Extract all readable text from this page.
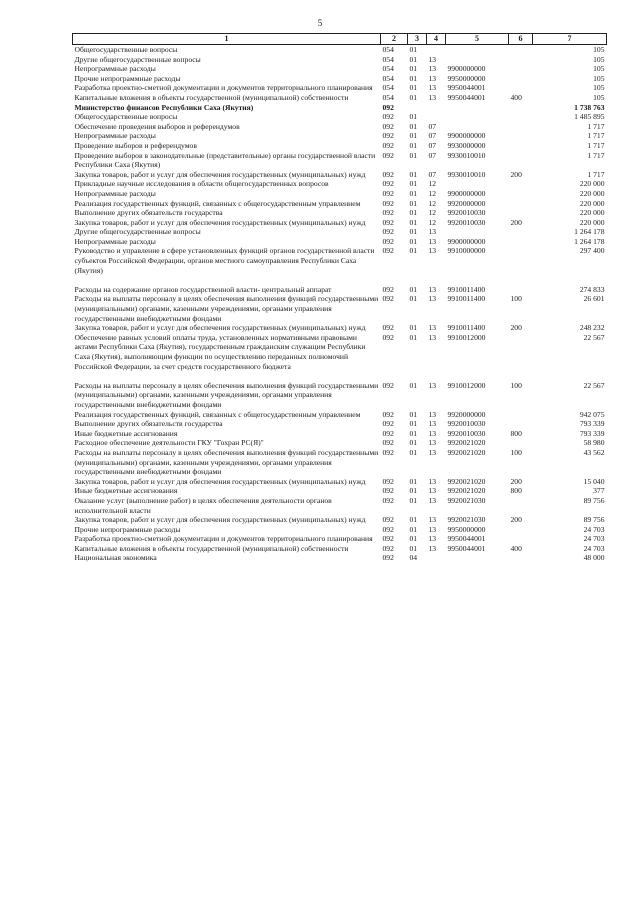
5
1	2	3	4	5	6	7
Общегосударственные вопросы	054	01				105
Другие общегосударственные вопросы	054	01	13			105
Непрограммные расходы	054	01	13	9900000000		105
Прочие непрограммные расходы	054	01	13	9950000000		105
Разработка проектно-сметной документации и документов территориального планирования	054	01	13	9950044001		105
Капитальные вложения в объекты государственной (муниципальной) собственности	054	01	13	9950044001	400	105
Министерство финансов Республики Саха (Якутия)	092					1 738 763
Общегосударственные вопросы	092	01				1 485 895
Обеспечение проведения выборов и референдумов	092	01	07			1 717
Непрограммные расходы	092	01	07	9900000000		1 717
Проведение выборов и референдумов	092	01	07	9930000000		1 717
Проведение выборов в законодательные (представительные) органы государственной власти Республики Саха (Якутия)	092	01	07	9930010010		1 717
Закупка товаров, работ и услуг для обеспечения государственных (муниципальных) нужд	092	01	07	9930010010	200	1 717
Прикладные научные исследования в области общегосударственных вопросов	092	01	12			220 000
Непрограммные расходы	092	01	12	9900000000		220 000
Реализация государственных функций, связанных с общегосударственным управлением	092	01	12	9920000000		220 000
Выполнение других обязательств государства	092	01	12	9920010030		220 000
Закупка товаров, работ и услуг для обеспечения государственных (муниципальных) нужд	092	01	12	9920010030	200	220 000
Другие общегосударственные вопросы	092	01	13			1 264 178
Непрограммные расходы	092	01	13	9900000000		1 264 178
Руководство и управление в сфере установленных функций органов государственной власти субъектов Российской Федерации, органов местного самоуправления Республики Саха (Якутия)	092	01	13	9910000000		297 400

Расходы на содержание органов государственной власти- центральный аппарат	092	01	13	9910011400		274 833
Расходы на выплаты персоналу в целях обеспечения выполнения функций государственными (муниципальными) органами, казенными учреждениями, органами управления государственными внебюджетными фондами	092	01	13	9910011400	100	26 601
Закупка товаров, работ и услуг для обеспечения государственных (муниципальных) нужд	092	01	13	9910011400	200	248 232
Обеспечение равных условий оплаты труда, установленных нормативными правовыми актами Республики Саха (Якутия), государственным гражданским служащим Республики Саха (Якутия), выполняющим функции по осуществлению переданных полномочий Российской Федерации, за счет средств государственного бюджета	092	01	13	9910012000		22 567

Расходы на выплаты персоналу в целях обеспечения выполнения функций государственными (муниципальными) органами, казенными учреждениями, органами управления государственными внебюджетными фондами	092	01	13	9910012000	100	22 567
Реализация государственных функций, связанных с общегосударственным управлением	092	01	13	9920000000		942 075
Выполнение других обязательств государства	092	01	13	9920010030		793 339
Иные бюджетные ассигнования	092	01	13	9920010030	800	793 339
Расходное обеспечение деятельности ГКУ "Гохран РС(Я)"	092	01	13	9920021020		58 980
Расходы на выплаты персоналу в целях обеспечения выполнения функций государственными (муниципальными) органами, казенными учреждениями, органами управления государственными внебюджетными фондами	092	01	13	9920021020	100	43 562
Закупка товаров, работ и услуг для обеспечения государственных (муниципальных) нужд	092	01	13	9920021020	200	15 040
Иные бюджетные ассигнования	092	01	13	9920021020	800	377
Оказание услуг (выполнение работ) в целях обеспечения деятельности органов исполнительной власти	092	01	13	9920021030		89 756
Закупка товаров, работ и услуг для обеспечения государственных (муниципальных) нужд	092	01	13	9920021030	200	89 756
Прочие непрограммные расходы	092	01	13	9950000000		24 703
Разработка проектно-сметной документации и документов территориального планирования	092	01	13	9950044001		24 703
Капитальные вложения в объекты государственной (муниципальной) собственности	092	01	13	9950044001	400	24 703
Национальная экономика	092	04				48 000
